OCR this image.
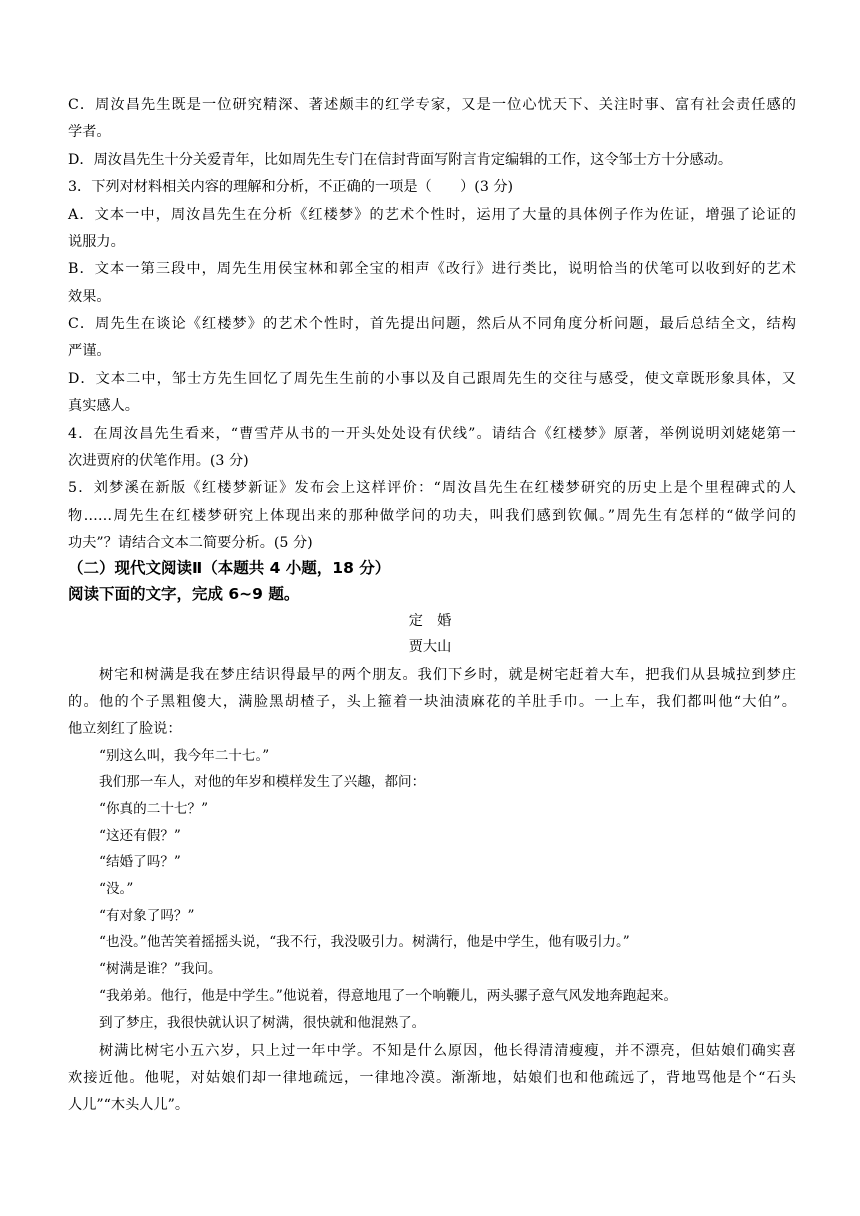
C．周汝昌先生既是一位研究精深、著述颇丰的红学专家，又是一位心忧天下、关注时事、富有社会责任感的
学者。
D．周汝昌先生十分关爱青年，比如周先生专门在信封背面写附言肯定编辑的工作，这令邹士方十分感动。
3．下列对材料相关内容的理解和分析，不正确的一项是（　　）(3 分)
A．文本一中，周汝昌先生在分析《红楼梦》的艺术个性时，运用了大量的具体例子作为佐证，增强了论证的
说服力。
B．文本一第三段中，周先生用侯宝林和郭全宝的相声《改行》进行类比，说明恰当的伏笔可以收到好的艺术
效果。
C．周先生在谈论《红楼梦》的艺术个性时，首先提出问题，然后从不同角度分析问题，最后总结全文，结构
严谨。
D．文本二中，邹士方先生回忆了周先生生前的小事以及自己跟周先生的交往与感受，使文章既形象具体，又
真实感人。
4．在周汝昌先生看来，“曹雪芹从书的一开头处处设有伏线”。请结合《红楼梦》原著，举例说明刘姥姥第一
次进贾府的伏笔作用。(3 分)
5．刘梦溪在新版《红楼梦新证》发布会上这样评价：“周汝昌先生在红楼梦研究的历史上是个里程碑式的人
物……周先生在红楼梦研究上体现出来的那种做学问的功夫，叫我们感到钦佩。”周先生有怎样的“做学问的
功夫”？请结合文本二简要分析。(5 分)
（二）现代文阅读Ⅱ（本题共 4 小题，18 分）
阅读下面的文字，完成 6~9 题。
定　婚
贾大山
树宅和树满是我在梦庄结识得最早的两个朋友。我们下乡时，就是树宅赶着大车，把我们从县城拉到梦庄
的。他的个子黑粗傻大，满脸黑胡楂子，头上箍着一块油渍麻花的羊肚手巾。一上车，我们都叫他“大伯”。
他立刻红了脸说：
“别这么叫，我今年二十七。”
我们那一车人，对他的年岁和模样发生了兴趣，都问：
“你真的二十七？”
“这还有假？”
“结婚了吗？”
“没。”
“有对象了吗？”
“也没。”他苦笑着摇摇头说，“我不行，我没吸引力。树满行，他是中学生，他有吸引力。”
“树满是谁？”我问。
“我弟弟。他行，他是中学生。”他说着，得意地甩了一个响鞭儿，两头骡子意气风发地奔跑起来。
到了梦庄，我很快就认识了树满，很快就和他混熟了。
树满比树宅小五六岁，只上过一年中学。不知是什么原因，他长得清清瘦瘦，并不漂亮，但姑娘们确实喜
欢接近他。他呢，对姑娘们却一律地疏远，一律地冷漠。渐渐地，姑娘们也和他疏远了，背地骂他是个“石头
人儿”“木头人儿”。
